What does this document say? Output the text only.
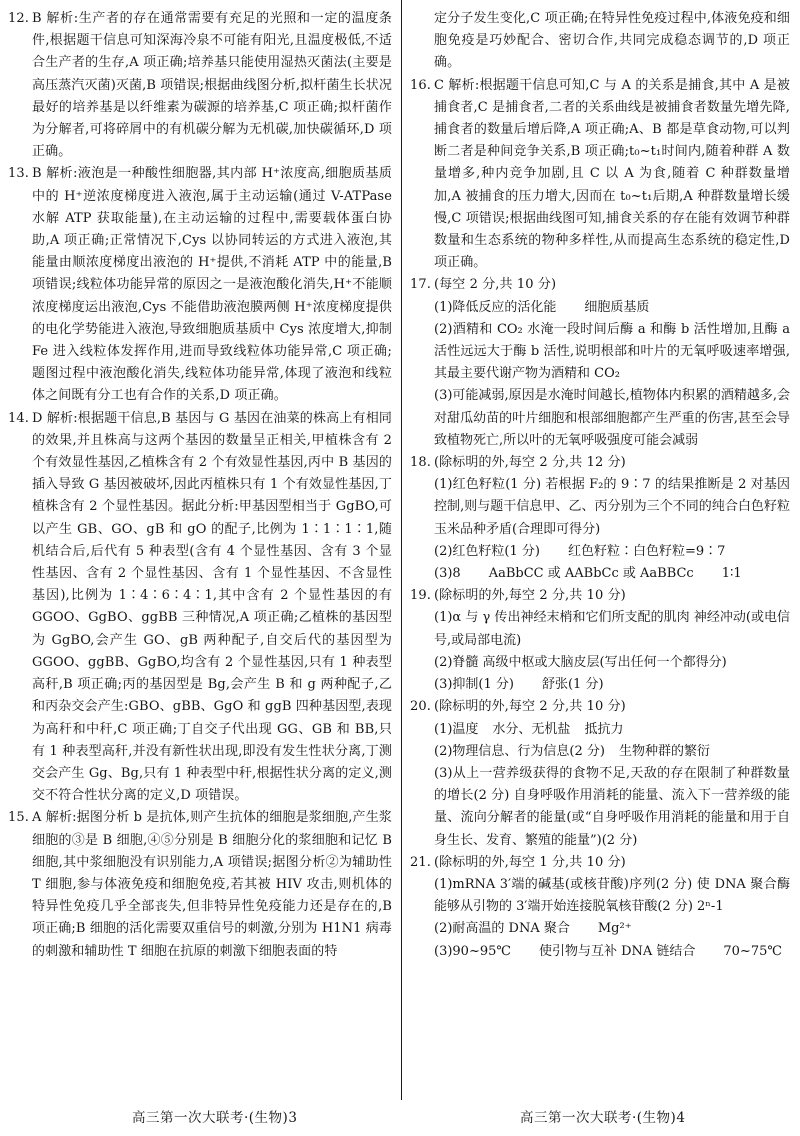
12. B 解析:生产者的存在通常需要有充足的光照和一定的温度条件,根据题干信息可知深海冷泉不可能有阳光,且温度极低,不适合生产者的生存,A 项正确;培养基只能使用湿热灭菌法(主要是高压蒸汽灭菌)灭菌,B 项错误;根据曲线图分析,拟杆菌生长状况最好的培养基是以纤维素为碳源的培养基,C 项正确;拟杆菌作为分解者,可将碎屑中的有机碳分解为无机碳,加快碳循环,D 项正确。
13. B 解析:液泡是一种酸性细胞器,其内部 H⁺浓度高,细胞质基质中的 H⁺逆浓度梯度进入液泡,属于主动运输(通过 V-ATPase 水解 ATP 获取能量),在主动运输的过程中,需要载体蛋白协助,A 项正确;正常情况下,Cys 以协同转运的方式进入液泡,其能量由顺浓度梯度出液泡的 H⁺提供,不消耗 ATP 中的能量,B 项错误;线粒体功能异常的原因之一是液泡酸化消失,H⁺不能顺浓度梯度运出液泡,Cys 不能借助液泡膜两侧 H⁺浓度梯度提供的电化学势能进入液泡,导致细胞质基质中 Cys 浓度增大,抑制 Fe 进入线粒体发挥作用,进而导致线粒体功能异常,C 项正确;题图过程中液泡酸化消失,线粒体功能异常,体现了液泡和线粒体之间既有分工也有合作的关系,D 项正确。
14. D 解析:根据题干信息,B 基因与 G 基因在油菜的株高上有相同的效果,并且株高与这两个基因的数量呈正相关,甲植株含有 2 个有效显性基因,乙植株含有 2 个有效显性基因,丙中 B 基因的插入导致 G 基因被破坏,因此丙植株只有 1 个有效显性基因,丁植株含有 2 个显性基因。据此分析:甲基因型相当于 GgBO,可以产生 GB、GO、gB 和 gO 的配子,比例为 1∶1∶1∶1,随机结合后,后代有 5 种表型(含有 4 个显性基因、含有 3 个显性基因、含有 2 个显性基因、含有 1 个显性基因、不含显性基因),比例为 1∶4∶6∶4∶1,其中含有 2 个显性基因的有 GGOO、GgBO、ggBB 三种情况,A 项正确;乙植株的基因型为 GgBO,会产生 GO、gB 两种配子,自交后代的基因型为 GGOO、ggBB、GgBO,均含有 2 个显性基因,只有 1 种表型高秆,B 项正确;丙的基因型是 Bg,会产生 B 和 g 两种配子,乙和丙杂交会产生:GBO、gBB、GgO 和 ggB 四种基因型,表现为高秆和中秆,C 项正确;丁自交子代出现 GG、GB 和 BB,只有 1 种表型高秆,并没有新性状出现,即没有发生性状分离,丁测交会产生 Gg、Bg,只有 1 种表型中秆,根据性状分离的定义,测交不符合性状分离的定义,D 项错误。
15. A 解析:据图分析 b 是抗体,则产生抗体的细胞是浆细胞,产生浆细胞的③是 B 细胞,④⑤分别是 B 细胞分化的浆细胞和记忆 B 细胞,其中浆细胞没有识别能力,A 项错误;据图分析②为辅助性 T 细胞,参与体液免疫和细胞免疫,若其被 HIV 攻击,则机体的特异性免疫几乎全部丧失,但非特异性免疫能力还是存在的,B 项正确;B 细胞的活化需要双重信号的刺激,分别为 H1N1 病毒的刺激和辅助性 T 细胞在抗原的刺激下细胞表面的特
定分子发生变化,C 项正确;在特异性免疫过程中,体液免疫和细胞免疫是巧妙配合、密切合作,共同完成稳态调节的,D 项正确。
16. C 解析:根据题干信息可知,C 与 A 的关系是捕食,其中 A 是被捕食者,C 是捕食者,二者的关系曲线是被捕食者数量先增先降,捕食者的数量后增后降,A 项正确;A、B 都是草食动物,可以判断二者是种间竞争关系,B 项正确;t₀~t₁时间内,随着种群 A 数量增多,种内竞争加剧,且 C 以 A 为食,随着 C 种群数量增加,A 被捕食的压力增大,因而在 t₀~t₁后期,A 种群数量增长缓慢,C 项错误;根据曲线图可知,捕食关系的存在能有效调节种群数量和生态系统的物种多样性,从而提高生态系统的稳定性,D 项正确。
17. (每空 2 分,共 10 分)
(1)降低反应的活化能 细胞质基质
(2)酒精和 CO₂ 水淹一段时间后酶 a 和酶 b 活性增加,且酶 a 活性远远大于酶 b 活性,说明根部和叶片的无氧呼吸速率增强,其最主要代谢产物为酒精和 CO₂
(3)可能减弱,原因是水淹时间越长,植物体内积累的酒精越多,会对甜瓜幼苗的叶片细胞和根部细胞都产生严重的伤害,甚至会导致植物死亡,所以叶的无氧呼吸强度可能会减弱
18. (除标明的外,每空 2 分,共 12 分)
(1)红色籽粒(1 分) 若根据 F₂的 9∶7 的结果推断是 2 对基因控制,则与题干信息甲、乙、丙分别为三个不同的纯合白色籽粒玉米品种矛盾(合理即可得分)
(2)红色籽粒(1 分) 红色籽粒∶白色籽粒=9∶7
(3)8 AaBbCC 或 AABbCc 或 AaBBCc 1∶1
19. (除标明的外,每空 2 分,共 10 分)
(1)α 与 γ 传出神经末梢和它们所支配的肌肉 神经冲动(或电信号,或局部电流)
(2)脊髓 高级中枢或大脑皮层(写出任何一个都得分)
(3)抑制(1 分) 舒张(1 分)
20. (除标明的外,每空 2 分,共 10 分)
(1)温度 水分、无机盐 抵抗力
(2)物理信息、行为信息(2 分) 生物种群的繁衍
(3)从上一营养级获得的食物不足,天敌的存在限制了种群数量的增长(2 分) 自身呼吸作用消耗的能量、流入下一营养级的能量、流向分解者的能量(或“自身呼吸作用消耗的能量和用于自身生长、发育、繁殖的能量”)(2 分)
21. (除标明的外,每空 1 分,共 10 分)
(1)mRNA 3′端的碱基(或核苷酸)序列(2 分) 使 DNA 聚合酶能够从引物的 3′端开始连接脱氧核苷酸(2 分) 2ⁿ-1
(2)耐高温的 DNA 聚合 Mg²⁺
(3)90~95℃ 使引物与互补 DNA 链结合 70~75℃
高三第一次大联考·(生物)3	高三第一次大联考·(生物)4
